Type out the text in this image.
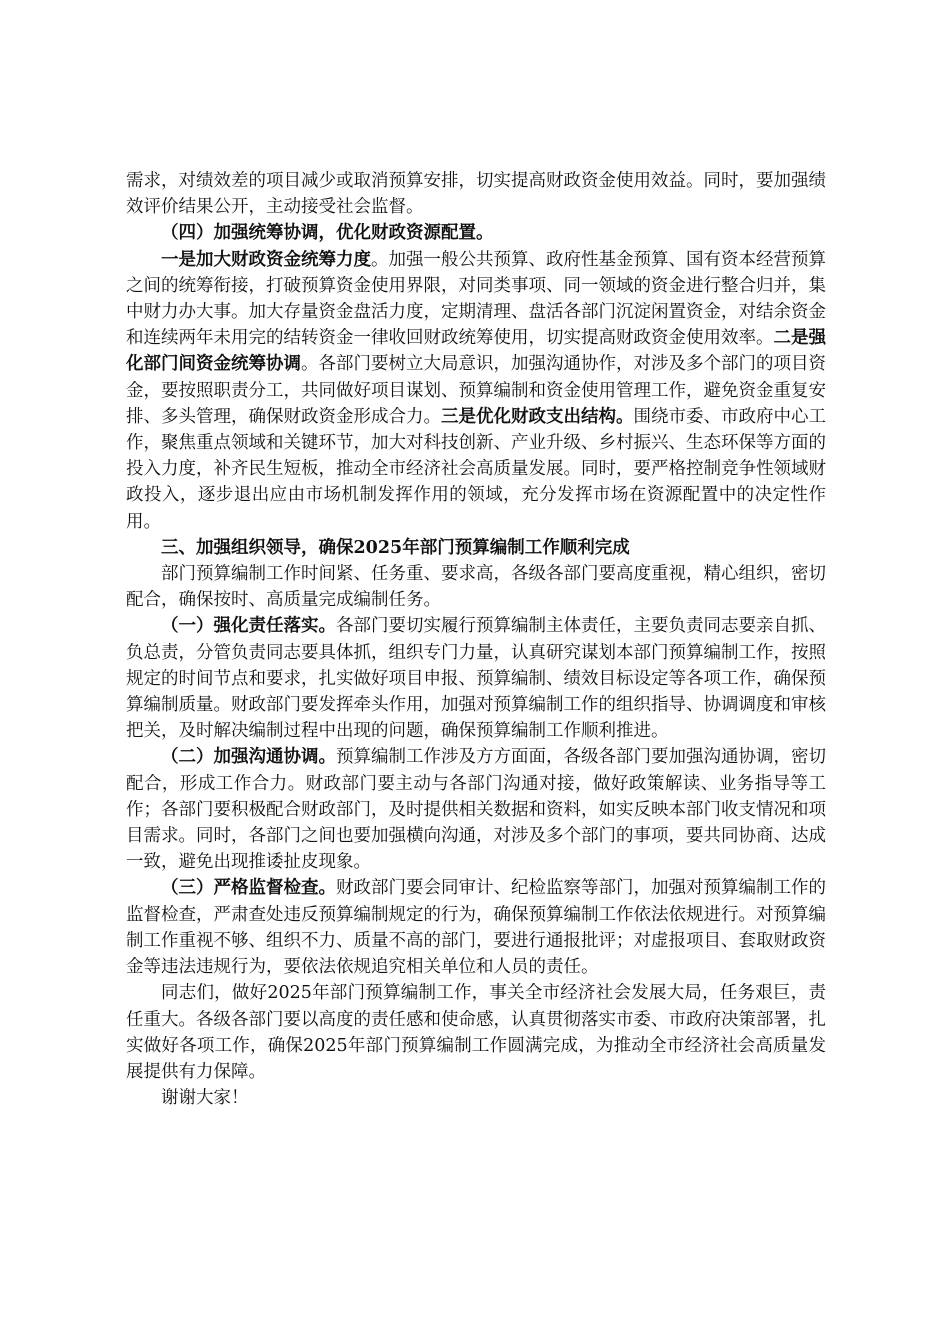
需求，对绩效差的项目减少或取消预算安排，切实提高财政资金使用效益。同时，要加强绩效评价结果公开，主动接受社会监督。

（四）加强统筹协调，优化财政资源配置。

一是加大财政资金统筹力度。加强一般公共预算、政府性基金预算、国有资本经营预算之间的统筹衔接，打破预算资金使用界限，对同类事项、同一领域的资金进行整合归并，集中财力办大事。加大存量资金盘活力度，定期清理、盘活各部门沉淀闲置资金，对结余资金和连续两年未用完的结转资金一律收回财政统筹使用，切实提高财政资金使用效率。二是强化部门间资金统筹协调。各部门要树立大局意识，加强沟通协作，对涉及多个部门的项目资金，要按照职责分工，共同做好项目谋划、预算编制和资金使用管理工作，避免资金重复安排、多头管理，确保财政资金形成合力。三是优化财政支出结构。围绕市委、市政府中心工作，聚焦重点领域和关键环节，加大对科技创新、产业升级、乡村振兴、生态环保等方面的投入力度，补齐民生短板，推动全市经济社会高质量发展。同时，要严格控制竞争性领域财政投入，逐步退出应由市场机制发挥作用的领域，充分发挥市场在资源配置中的决定性作用。

三、加强组织领导，确保2025年部门预算编制工作顺利完成

部门预算编制工作时间紧、任务重、要求高，各级各部门要高度重视，精心组织，密切配合，确保按时、高质量完成编制任务。

（一）强化责任落实。各部门要切实履行预算编制主体责任，主要负责同志要亲自抓、负总责，分管负责同志要具体抓，组织专门力量，认真研究谋划本部门预算编制工作，按照规定的时间节点和要求，扎实做好项目申报、预算编制、绩效目标设定等各项工作，确保预算编制质量。财政部门要发挥牵头作用，加强对预算编制工作的组织指导、协调调度和审核把关，及时解决编制过程中出现的问题，确保预算编制工作顺利推进。

（二）加强沟通协调。预算编制工作涉及方方面面，各级各部门要加强沟通协调，密切配合，形成工作合力。财政部门要主动与各部门沟通对接，做好政策解读、业务指导等工作；各部门要积极配合财政部门，及时提供相关数据和资料，如实反映本部门收支情况和项目需求。同时，各部门之间也要加强横向沟通，对涉及多个部门的事项，要共同协商、达成一致，避免出现推诿扯皮现象。

（三）严格监督检查。财政部门要会同审计、纪检监察等部门，加强对预算编制工作的监督检查，严肃查处违反预算编制规定的行为，确保预算编制工作依法依规进行。对预算编制工作重视不够、组织不力、质量不高的部门，要进行通报批评；对虚报项目、套取财政资金等违法违规行为，要依法依规追究相关单位和人员的责任。

同志们，做好2025年部门预算编制工作，事关全市经济社会发展大局，任务艰巨，责任重大。各级各部门要以高度的责任感和使命感，认真贯彻落实市委、市政府决策部署，扎实做好各项工作，确保2025年部门预算编制工作圆满完成，为推动全市经济社会高质量发展提供有力保障。

谢谢大家！
